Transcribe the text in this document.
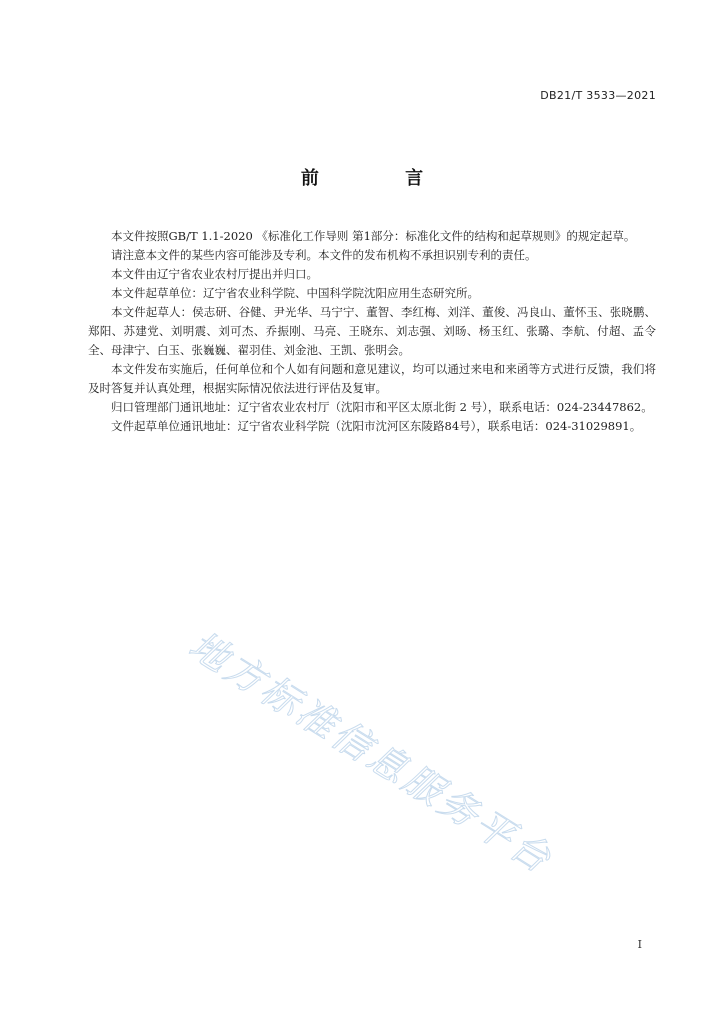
DB21/T 3533—2021
前 言

本文件按照GB/T 1.1-2020 《标准化工作导则 第1部分：标准化文件的结构和起草规则》的规定起草。

请注意本文件的某些内容可能涉及专利。本文件的发布机构不承担识别专利的责任。

本文件由辽宁省农业农村厅提出并归口。

本文件起草单位：辽宁省农业科学院、中国科学院沈阳应用生态研究所。

本文件起草人：侯志研、谷健、尹光华、马宁宁、董智、李红梅、刘洋、董俊、冯良山、董怀玉、张晓鹏、郑阳、苏建党、刘明震、刘可杰、乔振刚、马亮、王晓东、刘志强、刘旸、杨玉红、张璐、李航、付超、孟令全、母津宁、白玉、张巍巍、翟羽佳、刘金池、王凯、张明会。

本文件发布实施后，任何单位和个人如有问题和意见建议，均可以通过来电和来函等方式进行反馈，我们将及时答复并认真处理，根据实际情况依法进行评估及复审。

归口管理部门通讯地址：辽宁省农业农村厅（沈阳市和平区太原北街 2 号），联系电话：024-23447862。

文件起草单位通讯地址：辽宁省农业科学院（沈阳市沈河区东陵路84号），联系电话：024-31029891。

地方标准信息服务平台
I
